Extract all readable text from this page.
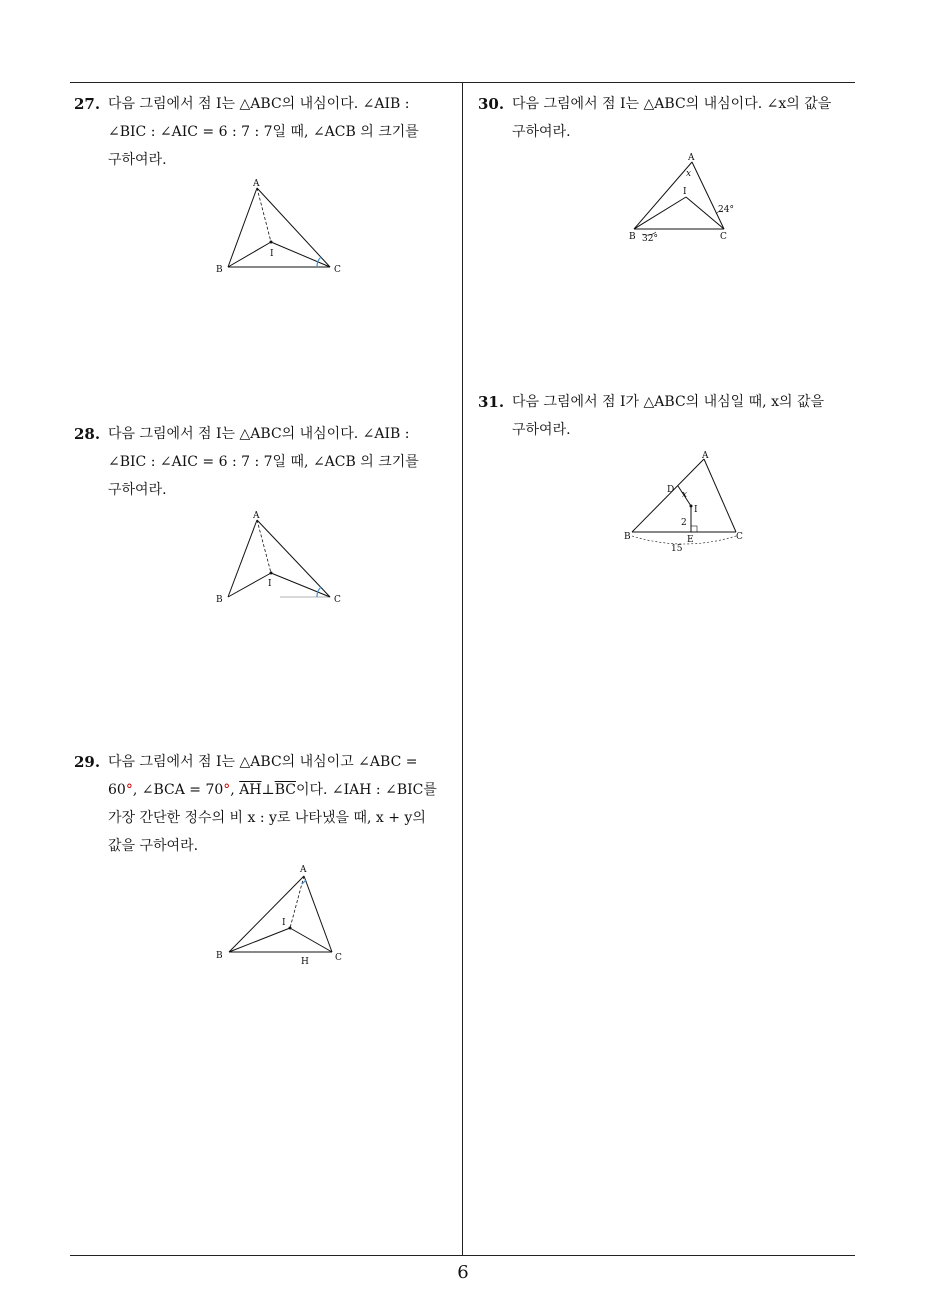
27. 다음 그림에서 점 I는 △ABC의 내심이다. ∠AIB :
∠BIC : ∠AIC = 6 : 7 : 7일 때, ∠ACB 의 크기를
구하여라.
A
B	C
I
28. 다음 그림에서 점 I는 △ABC의 내심이다. ∠AIB :
∠BIC : ∠AIC = 6 : 7 : 7일 때, ∠ACB 의 크기를
구하여라.
A
B	C
I
29. 다음 그림에서 점 I는 △ABC의 내심이고 ∠ABC =
60°, ∠BCA = 70°, $\overline{AH}\perp\overline{BC}$이다. ∠IAH : ∠BIC를
가장 간단한 정수의 비 x : y로 나타냈을 때, x + y의
값을 구하여라.
A
B	C
I
H
30. 다음 그림에서 점 I는 △ABC의 내심이다. ∠x의 값을
구하여라.
A
x
I
24°
B 32°	C
31. 다음 그림에서 점 I가 △ABC의 내심일 때, x의 값을
구하여라.
A
D x
I
2
B	E	C
15
6
